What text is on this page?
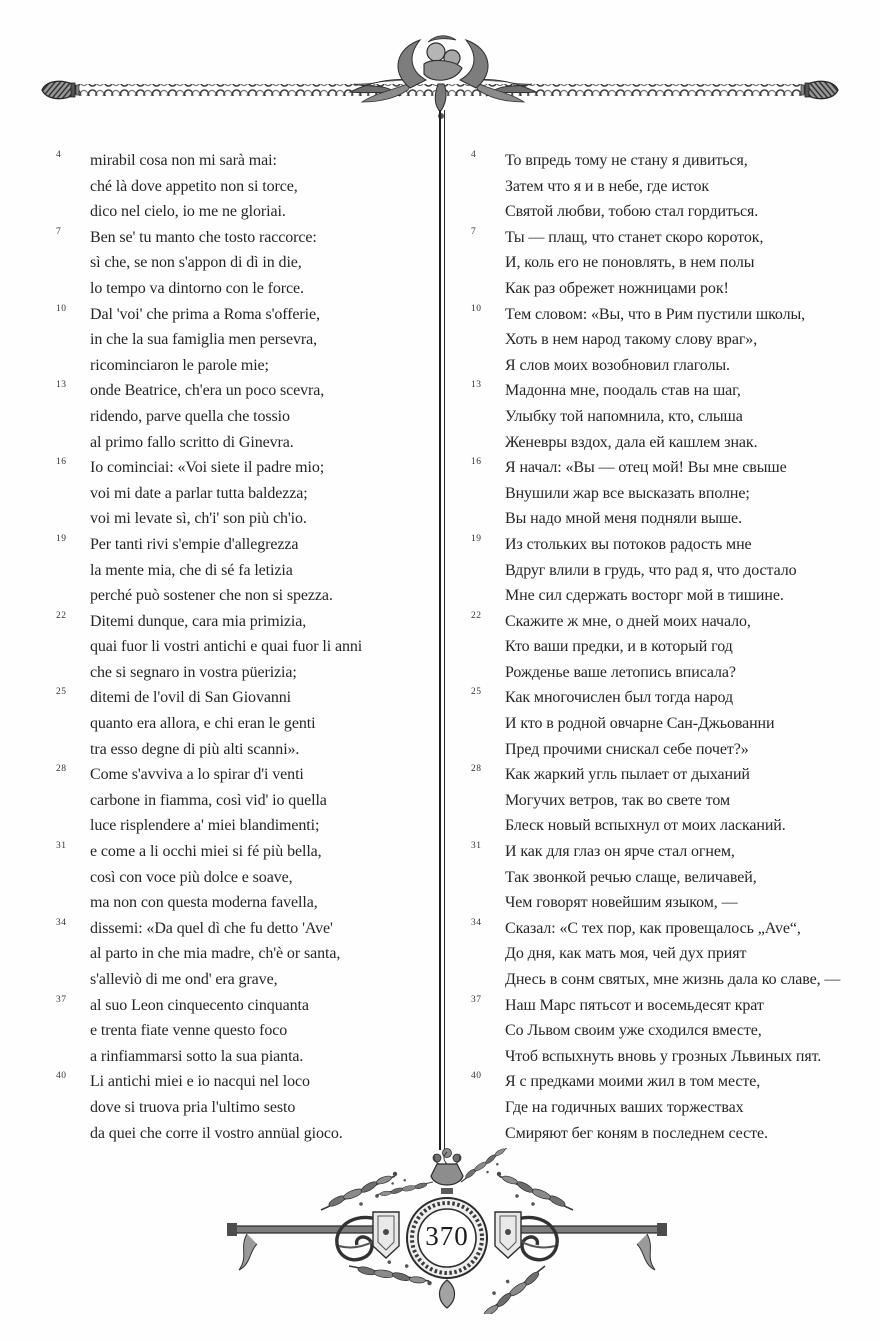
4 mirabil cosa non mi sarà mai:
ché là dove appetito non si torce,
dico nel cielo, io me ne gloriai.
7 Ben se' tu manto che tosto raccorce:
sì che, se non s'appon di dì in die,
lo tempo va dintorno con le force.
10 Dal 'voi' che prima a Roma s'offerie,
in che la sua famiglia men persevra,
ricominciaron le parole mie;
13 onde Beatrice, ch'era un poco scevra,
ridendo, parve quella che tossio
al primo fallo scritto di Ginevra.
16 Io cominciai: «Voi siete il padre mio;
voi mi date a parlar tutta baldezza;
voi mi levate sì, ch'i' son più ch'io.
19 Per tanti rivi s'empie d'allegrezza
la mente mia, che di sé fa letizia
perché può sostener che non si spezza.
22 Ditemi dunque, cara mia primizia,
quai fuor li vostri antichi e quai fuor li anni
che si segnaro in vostra püerizia;
25 ditemi de l'ovil di San Giovanni
quanto era allora, e chi eran le genti
tra esso degne di più alti scanni».
28 Come s'avviva a lo spirar d'i venti
carbone in fiamma, così vid' io quella
luce risplendere a' miei blandimenti;
31 e come a li occhi miei si fé più bella,
così con voce più dolce e soave,
ma non con questa moderna favella,
34 dissemi: «Da quel dì che fu detto 'Ave'
al parto in che mia madre, ch'è or santa,
s'alleviò di me ond' era grave,
37 al suo Leon cinquecento cinquanta
e trenta fiate venne questo foco
a rinfiammarsi sotto la sua pianta.
40 Li antichi miei e io nacqui nel loco
dove si truova pria l'ultimo sesto
da quei che corre il vostro annüal gioco.
4 То впредь тому не стану я дивиться,
Затем что я и в небе, где исток
Святой любви, тобою стал гордиться.
7 Ты — плащ, что станет скоро короток,
И, коль его не поновлять, в нем полы
Как раз обрежет ножницами рок!
10 Тем словом: «Вы, что в Рим пустили школы,
Хоть в нем народ такому слову враг»,
Я слов моих возобновил глаголы.
13 Мадонна мне, поодаль став на шаг,
Улыбку той напомнила, кто, слыша
Женевры вздох, дала ей кашлем знак.
16 Я начал: «Вы — отец мой! Вы мне свыше
Внушили жар все высказать вполне;
Вы надо мной меня подняли выше.
19 Из стольких вы потоков радость мне
Вдруг влили в грудь, что рад я, что достало
Мне сил сдержать восторг мой в тишине.
22 Скажите ж мне, о дней моих начало,
Кто ваши предки, и в который год
Рожденье ваше летопись вписала?
25 Как многочислен был тогда народ
И кто в родной овчарне Сан-Джьованни
Пред прочими снискал себе почет?»
28 Как жаркий угль пылает от дыханий
Могучих ветров, так во свете том
Блеск новый вспыхнул от моих ласканий.
31 И как для глаз он ярче стал огнем,
Так звонкой речью слаще, величавей,
Чем говорят новейшим языком, —
34 Сказал: «С тех пор, как провещалось „Ave“,
До дня, как мать моя, чей дух прият
Днесь в сонм святых, мне жизнь дала ко славе, —
37 Наш Марс пятьсот и восемьдесят крат
Со Львом своим уже сходился вместе,
Чтоб вспыхнуть вновь у грозных Львиных пят.
40 Я с предками моими жил в том месте,
Где на годичных ваших торжествах
Смиряют бег коням в последнем сесте.
370
